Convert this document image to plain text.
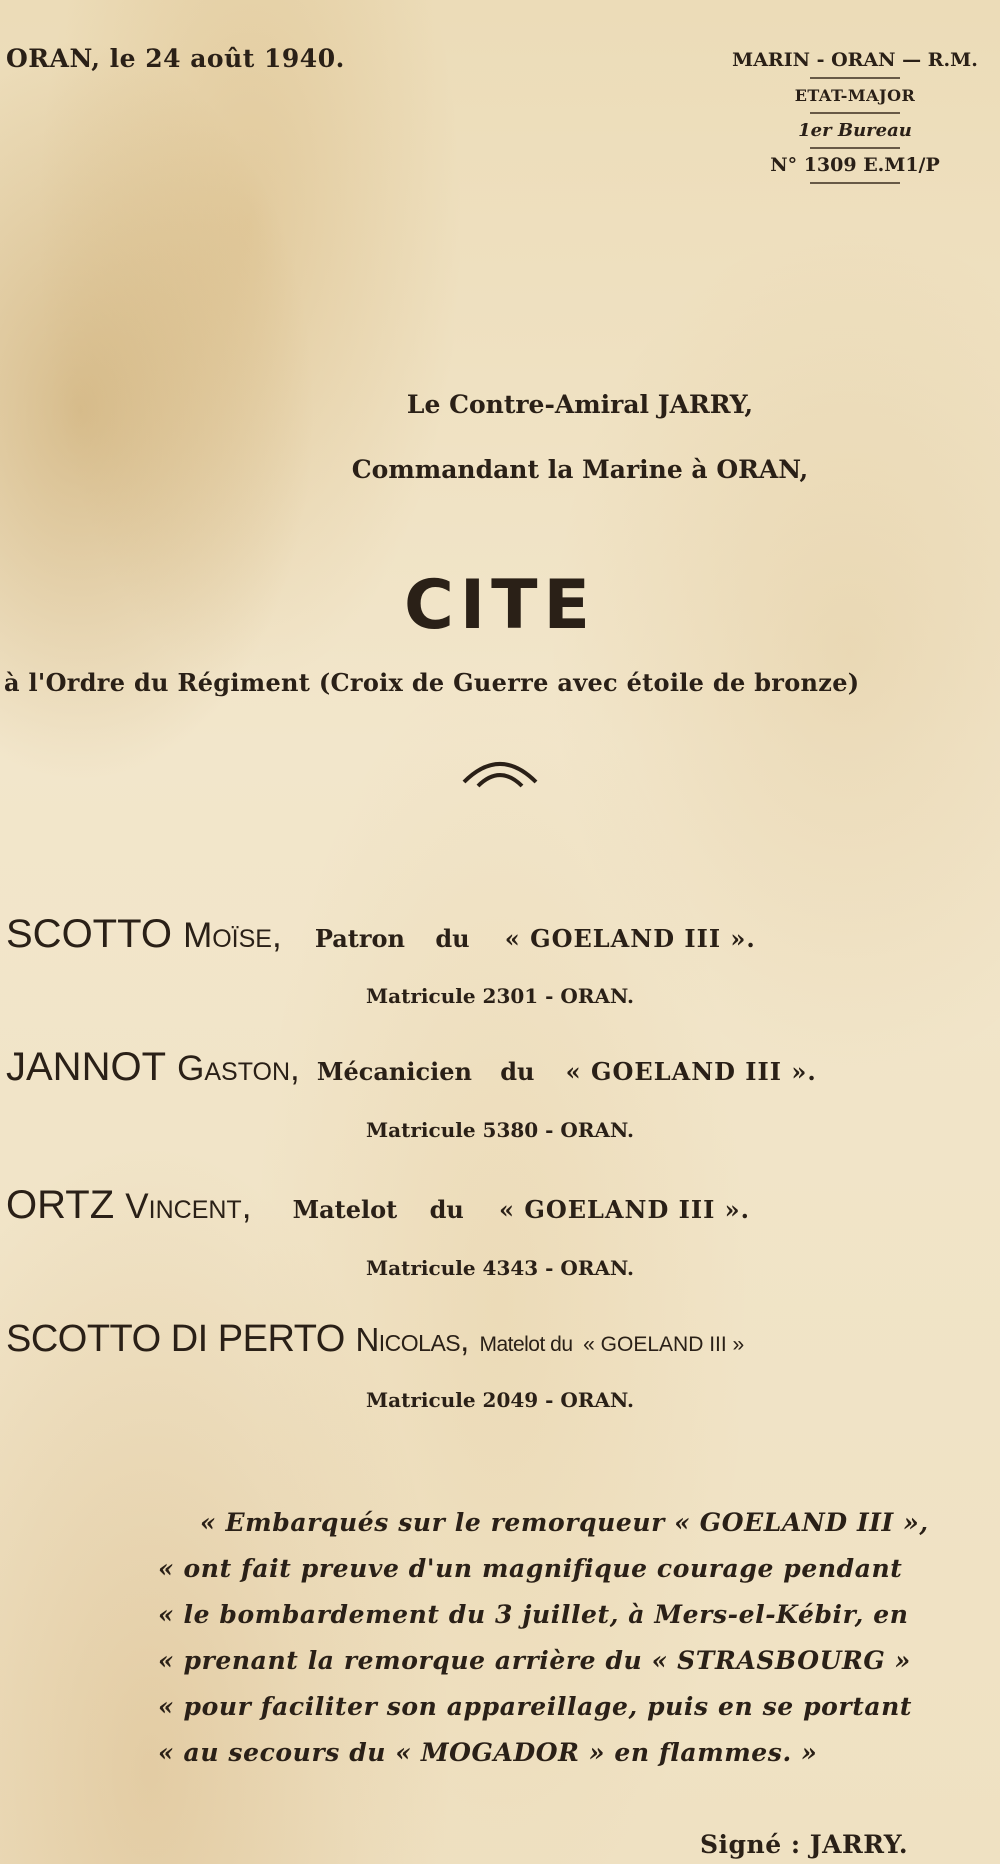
ORAN, le 24 août 1940.	MARIN - ORAN — R.M.
ETAT-MAJOR
1er Bureau
N° 1309 E.M1/P
Le Contre-Amiral JARRY,
Commandant la Marine à ORAN,
CITE
à l'Ordre du Régiment (Croix de Guerre avec étoile de bronze)
SCOTTO Moïse, Patron du « GOELAND III ».
Matricule 2301 - ORAN.
JANNOT Gaston, Mécanicien du « GOELAND III ».
Matricule 5380 - ORAN.
ORTZ Vincent, Matelot du « GOELAND III ».
Matricule 4343 - ORAN.
SCOTTO DI PERTO Nicolas, Matelot du « GOELAND III »
Matricule 2049 - ORAN.
« Embarqués sur le remorqueur « GOELAND III »,
« ont fait preuve d'un magnifique courage pendant
« le bombardement du 3 juillet, à Mers-el-Kébir, en
« prenant la remorque arrière du « STRASBOURG »
« pour faciliter son appareillage, puis en se portant
« au secours du « MOGADOR » en flammes. »
Signé : JARRY.
